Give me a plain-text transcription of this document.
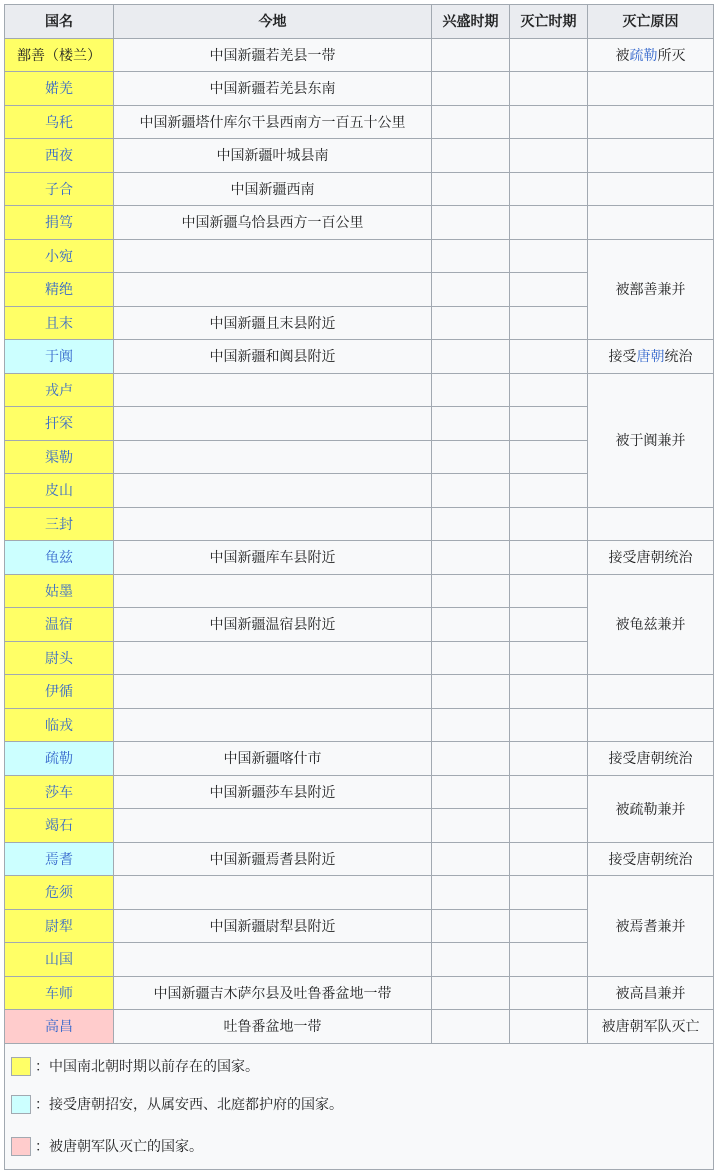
国名	今地	兴盛时期	灭亡时期	灭亡原因
鄯善（楼兰）	中国新疆若羌县一带			被疏勒所灭
婼羌	中国新疆若羌县东南			
乌秅	中国新疆塔什库尔干县西南方一百五十公里			
西夜	中国新疆叶城县南			
子合	中国新疆西南			
捐笃	中国新疆乌恰县西方一百公里			
小宛				被鄯善兼并
精绝				
且末	中国新疆且末县附近			
于阗	中国新疆和阗县附近			接受唐朝统治
戎卢				被于阗兼并
扞罙				
渠勒				
皮山				
三封				
龟兹	中国新疆库车县附近			接受唐朝统治
姑墨				被龟兹兼并
温宿	中国新疆温宿县附近			
尉头				
伊循				
临戎				
疏勒	中国新疆喀什市			接受唐朝统治
莎车	中国新疆莎车县附近			被疏勒兼并
竭石				
焉耆	中国新疆焉耆县附近			接受唐朝统治
危须				被焉耆兼并
尉犁	中国新疆尉犁县附近			
山国				
车师	中国新疆吉木萨尔县及吐鲁番盆地一带			被高昌兼并
高昌	吐鲁番盆地一带			被唐朝军队灭亡

：中国南北朝时期以前存在的国家。
：接受唐朝招安，从属安西、北庭都护府的国家。
：被唐朝军队灭亡的国家。				
